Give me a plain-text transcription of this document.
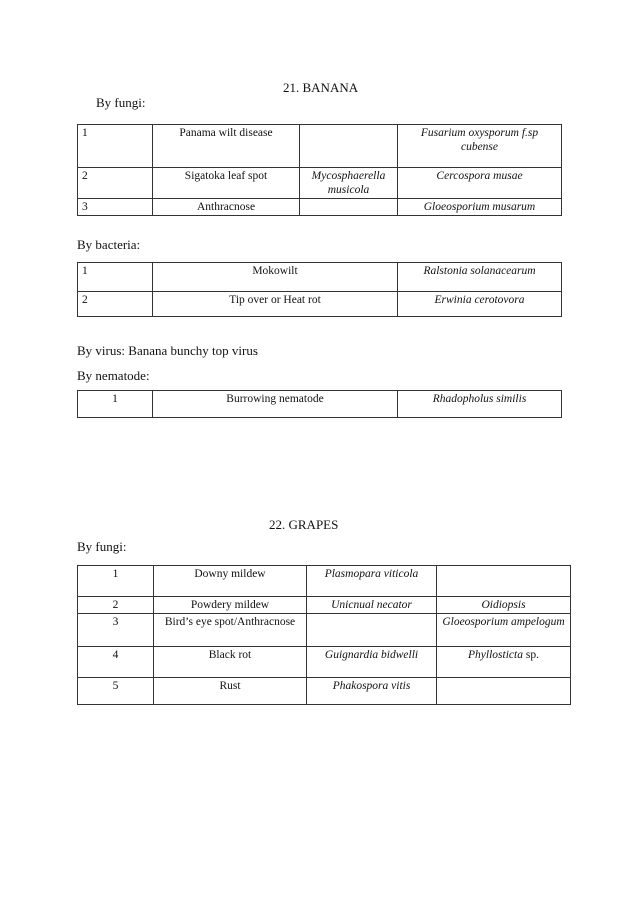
21. BANANA
By fungi:
1	Panama wilt disease		Fusarium oxysporum f.sp cubense
2	Sigatoka leaf spot	Mycosphaerella musicola	Cercospora musae
3	Anthracnose		Gloeosporium musarum
By bacteria:
1	Mokowilt	Ralstonia solanacearum
2	Tip over or Heat rot	Erwinia cerotovora
By virus: Banana bunchy top virus
By nematode:
1	Burrowing nematode	Rhadopholus similis
22. GRAPES
By fungi:
1	Downy mildew	Plasmopara viticola	
2	Powdery mildew	Unicnual necator	Oidiopsis
3	Bird’s eye spot/Anthracnose		Gloeosporium ampelogum
4	Black rot	Guignardia bidwelli	Phyllosticta sp.
5	Rust	Phakospora vitis	
